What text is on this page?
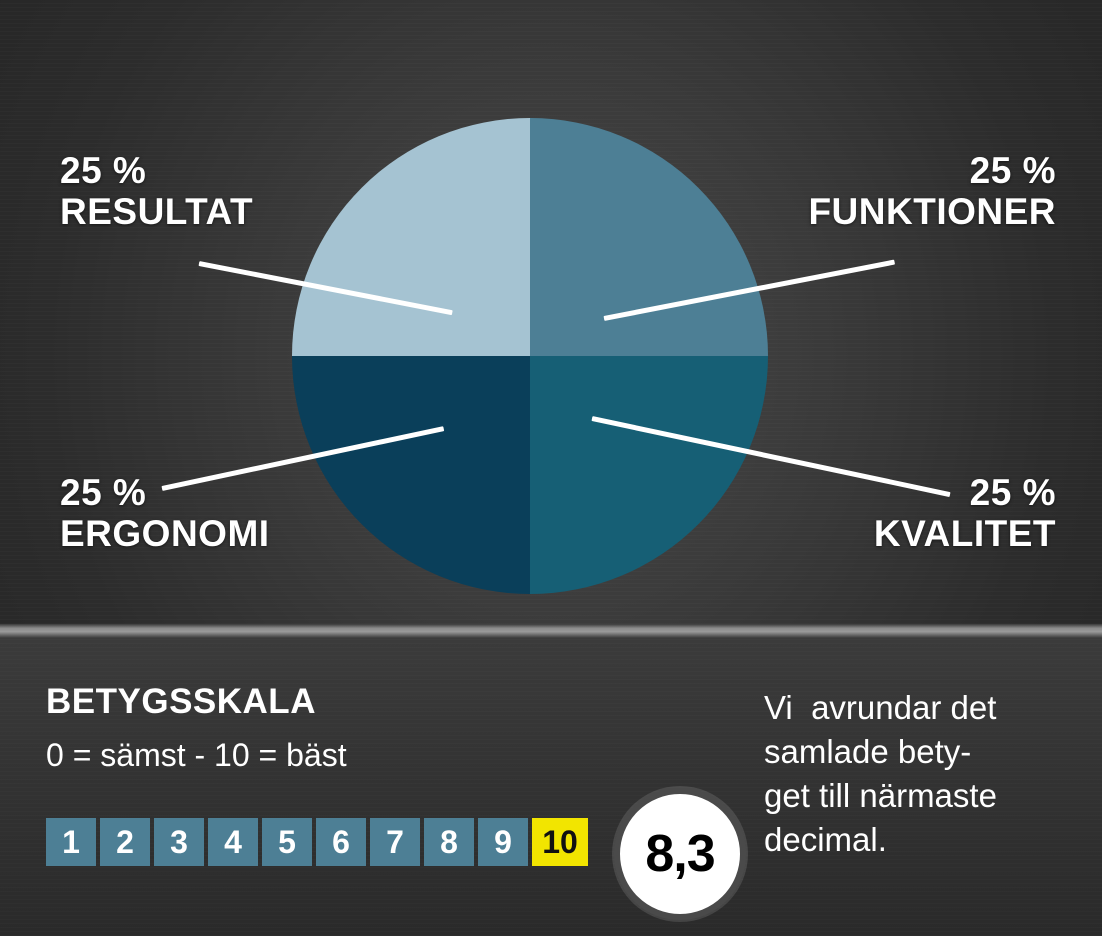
25 %
RESULTAT
25 %
FUNKTIONER
25 %
ERGONOMI
25 %
KVALITET
BETYGSSKALA
0 = sämst - 10 = bäst
1	2	3	4	5	6	7	8	9 10	8,3
Vi  avrundar det
samlade bety-
get till närmaste
decimal.
